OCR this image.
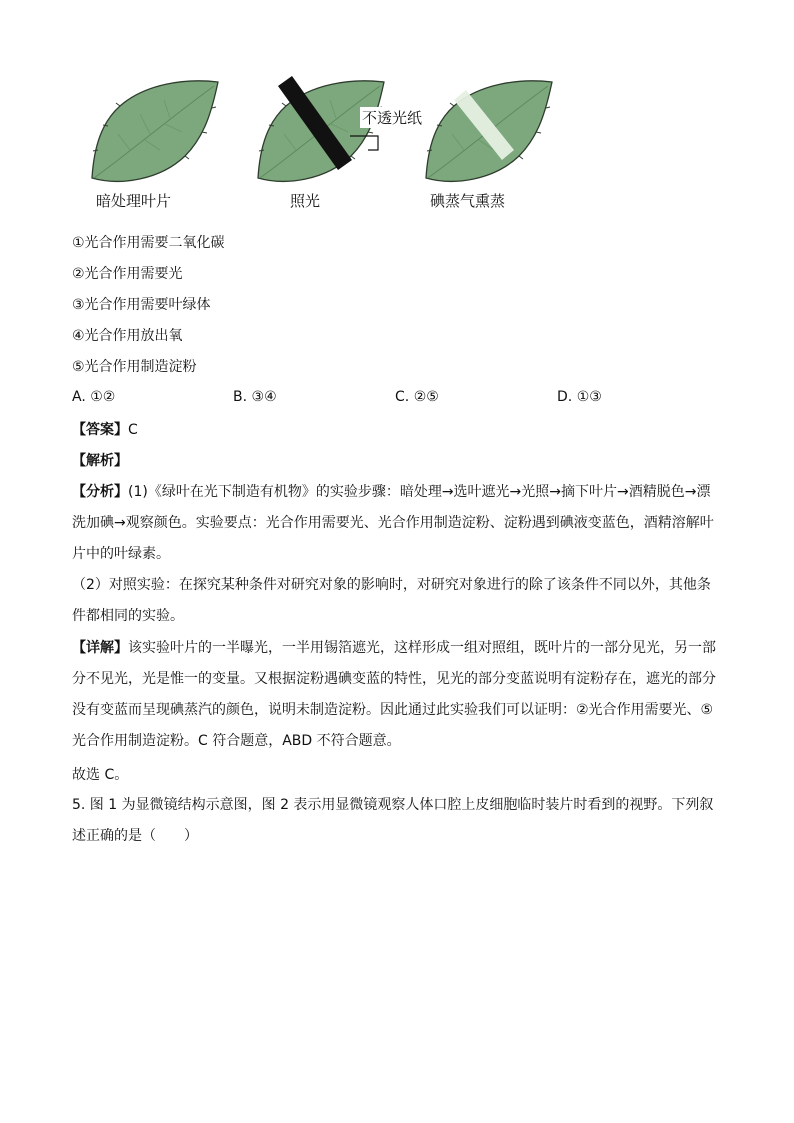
不透光纸
暗处理叶片	照光	碘蒸气熏蒸
①光合作用需要二氧化碳
②光合作用需要光
③光合作用需要叶绿体
④光合作用放出氧
⑤光合作用制造淀粉
A. ①②	B. ③④	C. ②⑤	D. ①③
【答案】C
【解析】

【分析】(1)《绿叶在光下制造有机物》的实验步骤：暗处理→选叶遮光→光照→摘下叶片→酒精脱色→漂洗加碘→观察颜色。实验要点：光合作用需要光、光合作用制造淀粉、淀粉遇到碘液变蓝色，酒精溶解叶片中的叶绿素。

（2）对照实验：在探究某种条件对研究对象的影响时，对研究对象进行的除了该条件不同以外，其他条件都相同的实验。

【详解】该实验叶片的一半曝光，一半用锡箔遮光，这样形成一组对照组，既叶片的一部分见光，另一部分不见光，光是惟一的变量。又根据淀粉遇碘变蓝的特性，见光的部分变蓝说明有淀粉存在，遮光的部分没有变蓝而呈现碘蒸汽的颜色，说明未制造淀粉。因此通过此实验我们可以证明：②光合作用需要光、⑤光合作用制造淀粉。C 符合题意，ABD 不符合题意。

故选 C。

5. 图 1 为显微镜结构示意图，图 2 表示用显微镜观察人体口腔上皮细胞临时装片时看到的视野。下列叙述正确的是（　　）
